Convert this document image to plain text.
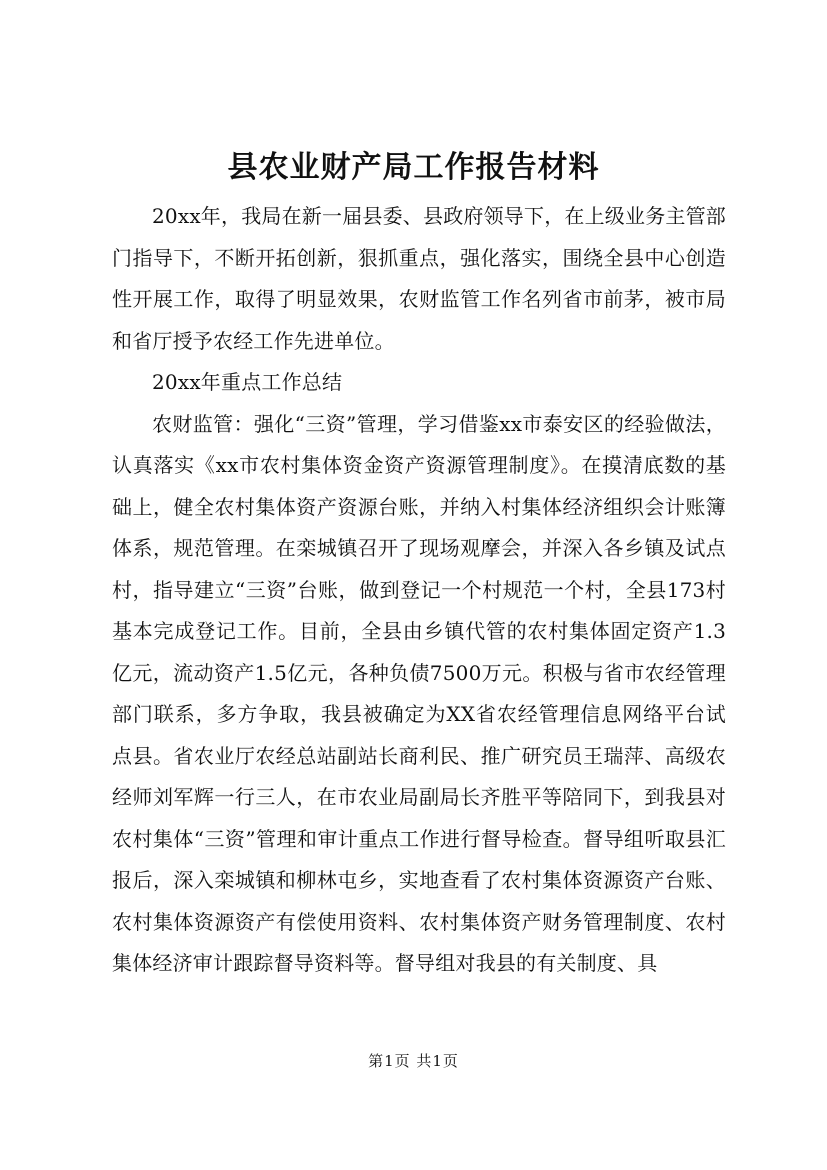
县农业财产局工作报告材料

20xx年，我局在新一届县委、县政府领导下，在上级业务主管部门指导下，不断开拓创新，狠抓重点，强化落实，围绕全县中心创造性开展工作，取得了明显效果，农财监管工作名列省市前茅，被市局和省厅授予农经工作先进单位。

20xx年重点工作总结

农财监管：强化“三资”管理，学习借鉴xx市泰安区的经验做法，认真落实《xx市农村集体资金资产资源管理制度》。在摸清底数的基础上，健全农村集体资产资源台账，并纳入村集体经济组织会计账簿体系，规范管理。在栾城镇召开了现场观摩会，并深入各乡镇及试点村，指导建立“三资”台账，做到登记一个村规范一个村，全县173村基本完成登记工作。目前，全县由乡镇代管的农村集体固定资产1.3亿元，流动资产1.5亿元，各种负债7500万元。积极与省市农经管理部门联系，多方争取，我县被确定为XX省农经管理信息网络平台试点县。省农业厅农经总站副站长商利民、推广研究员王瑞萍、高级农经师刘军辉一行三人，在市农业局副局长齐胜平等陪同下，到我县对农村集体“三资”管理和审计重点工作进行督导检查。督导组听取县汇报后，深入栾城镇和柳林屯乡，实地查看了农村集体资源资产台账、农村集体资源资产有偿使用资料、农村集体资产财务管理制度、农村集体经济审计跟踪督导资料等。督导组对我县的有关制度、具

第1页 共1页
